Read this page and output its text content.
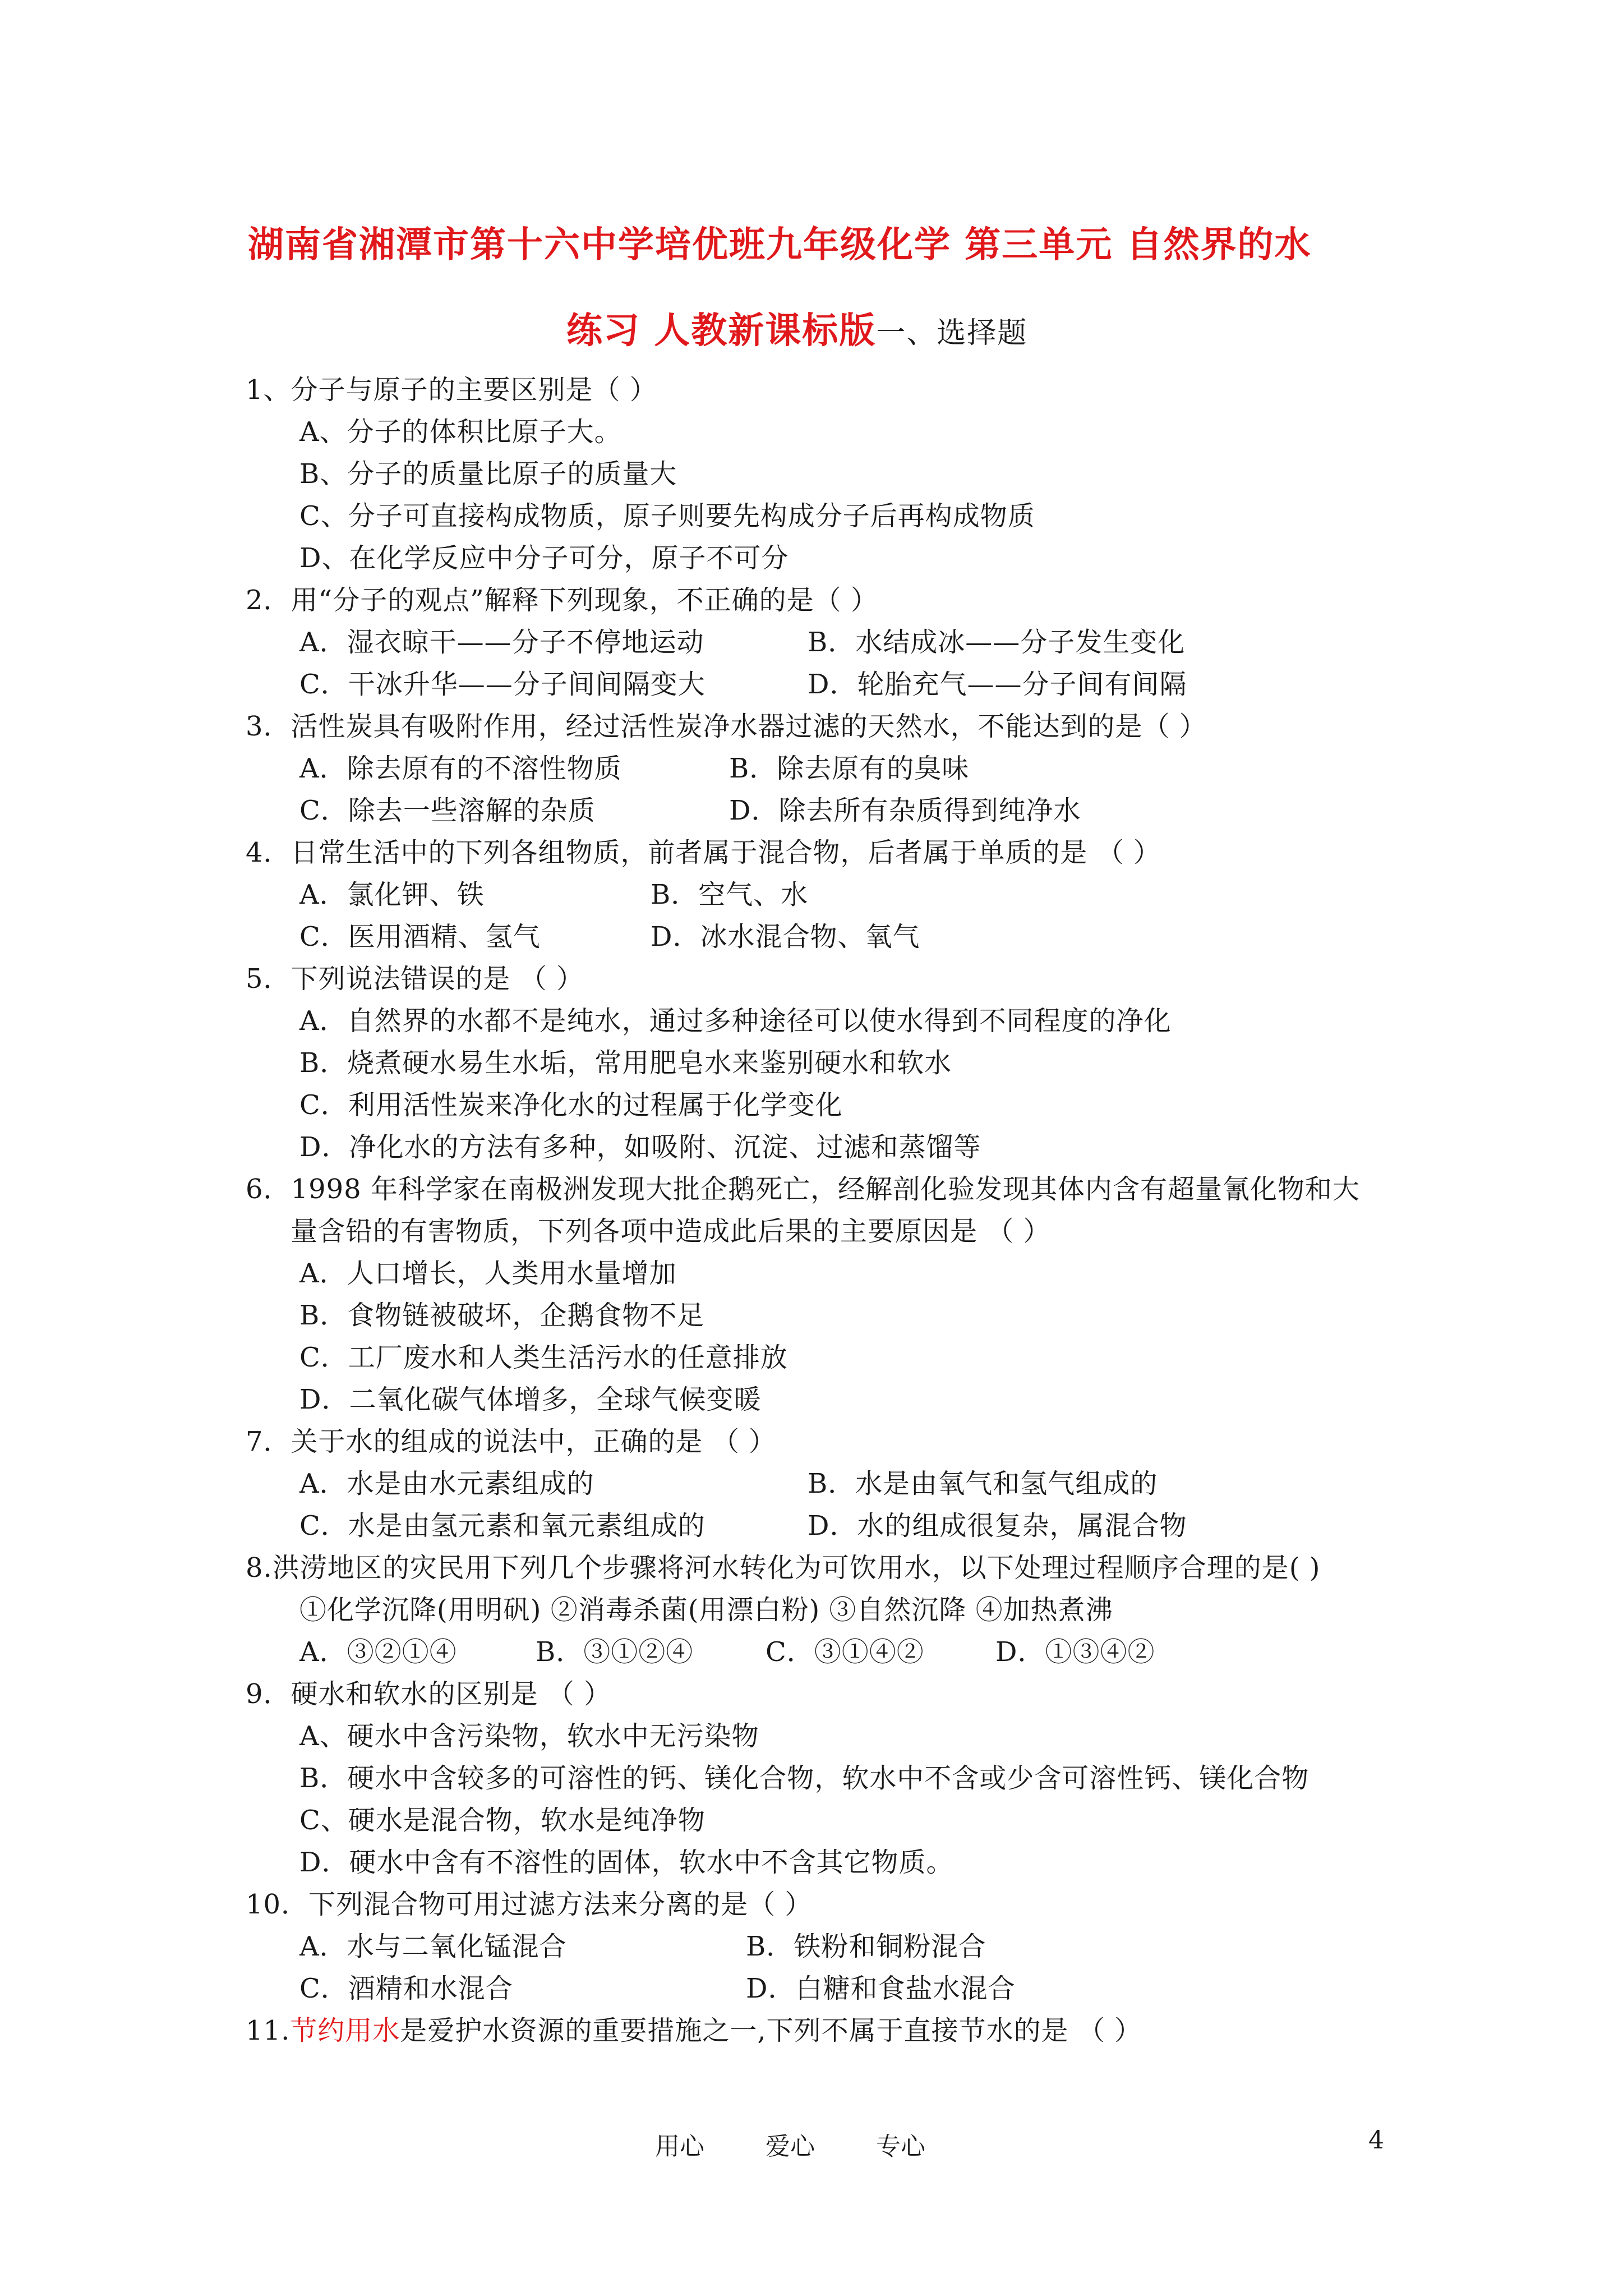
湖南省湘潭市第十六中学培优班九年级化学 第三单元 自然界的水
练习 人教新课标版一、选择题
1、分子与原子的主要区别是（ ）
A、分子的体积比原子大。
B、分子的质量比原子的质量大
C、分子可直接构成物质，原子则要先构成分子后再构成物质
D、在化学反应中分子可分，原子不可分
2．用“分子的观点”解释下列现象，不正确的是（ ）
A．湿衣晾干——分子不停地运动	B．水结成冰——分子发生变化
C．干冰升华——分子间间隔变大	D．轮胎充气——分子间有间隔
3．活性炭具有吸附作用，经过活性炭净水器过滤的天然水，不能达到的是（ ）
A．除去原有的不溶性物质	B．除去原有的臭味
C．除去一些溶解的杂质	D．除去所有杂质得到纯净水
4．日常生活中的下列各组物质，前者属于混合物，后者属于单质的是 （ ）
A．氯化钾、铁	B．空气、水
C．医用酒精、氢气	D．冰水混合物、氧气
5．下列说法错误的是 （ ）
A．自然界的水都不是纯水，通过多种途径可以使水得到不同程度的净化
B．烧煮硬水易生水垢，常用肥皂水来鉴别硬水和软水
C．利用活性炭来净化水的过程属于化学变化
D．净化水的方法有多种，如吸附、沉淀、过滤和蒸馏等
6．1998 年科学家在南极洲发现大批企鹅死亡，经解剖化验发现其体内含有超量氰化物和大
量含铅的有害物质，下列各项中造成此后果的主要原因是 （ ）
A．人口增长，人类用水量增加
B．食物链被破坏，企鹅食物不足
C．工厂废水和人类生活污水的任意排放
D．二氧化碳气体增多，全球气候变暖
7．关于水的组成的说法中，正确的是 （ ）
A．水是由水元素组成的	B．水是由氧气和氢气组成的
C．水是由氢元素和氧元素组成的	D．水的组成很复杂，属混合物
8.洪涝地区的灾民用下列几个步骤将河水转化为可饮用水，以下处理过程顺序合理的是( )
①化学沉降(用明矾) ②消毒杀菌(用漂白粉) ③自然沉降 ④加热煮沸
A．③②①④	B．③①②④	C．③①④②	D．①③④②
9．硬水和软水的区别是 （ ）
A、硬水中含污染物，软水中无污染物
B．硬水中含较多的可溶性的钙、镁化合物，软水中不含或少含可溶性钙、镁化合物
C、硬水是混合物，软水是纯净物
D．硬水中含有不溶性的固体，软水中不含其它物质。
10．下列混合物可用过滤方法来分离的是（ ）
A．水与二氧化锰混合	B．铁粉和铜粉混合
C．酒精和水混合	D．白糖和食盐水混合
11.节约用水是爱护水资源的重要措施之一,下列不属于直接节水的是 （ ）
用心 爱心 专心	4
